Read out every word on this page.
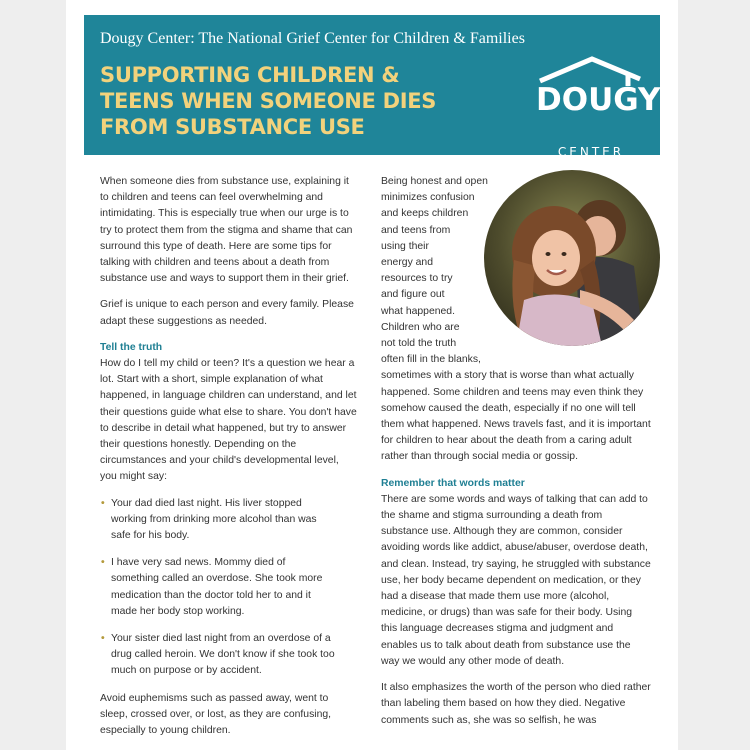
Dougy Center: The National Grief Center for Children & Families
SUPPORTING CHILDREN &
TEENS WHEN SOMEONE DIES
FROM SUBSTANCE USE
DOUGY
CENTER

When someone dies from substance use, explaining it to children and teens can feel overwhelming and intimidating. This is especially true when our urge is to try to protect them from the stigma and shame that can surround this type of death. Here are some tips for talking with children and teens about a death from substance use and ways to support them in their grief.

Grief is unique to each person and every family. Please adapt these suggestions as needed.

Tell the truth

How do I tell my child or teen? It's a question we hear a lot. Start with a short, simple explanation of what happened, in language children can understand, and let their questions guide what else to share. You don't have to describe in detail what happened, but try to answer their questions honestly. Depending on the circumstances and your child's developmental level, you might say:

• Your dad died last night. His liver stopped working from drinking more alcohol than was safe for his body.
• I have very sad news. Mommy died of something called an overdose. She took more medication than the doctor told her to and it made her body stop working.
• Your sister died last night from an overdose of a drug called heroin. We don't know if she took too much on purpose or by accident.

Avoid euphemisms such as passed away, went to sleep, crossed over, or lost, as they are confusing, especially to young children.

Being honest and open
minimizes confusion
and keeps children
and teens from
using their
energy and
resources to try
and figure out
what happened.
Children who are
not told the truth
often fill in the blanks,

sometimes with a story that is worse than what actually happened. Some children and teens may even think they somehow caused the death, especially if no one will tell them what happened. News travels fast, and it is important for children to hear about the death from a caring adult rather than through social media or gossip.

Remember that words matter

There are some words and ways of talking that can add to the shame and stigma surrounding a death from substance use. Although they are common, consider avoiding words like addict, abuse/abuser, overdose death, and clean. Instead, try saying, he struggled with substance use, her body became dependent on medication, or they had a disease that made them use more (alcohol, medicine, or drugs) than was safe for their body. Using this language decreases stigma and judgment and enables us to talk about death from substance use the way we would any other mode of death.

It also emphasizes the worth of the person who died rather than labeling them based on how they died. Negative comments such as, she was so selfish, he was
